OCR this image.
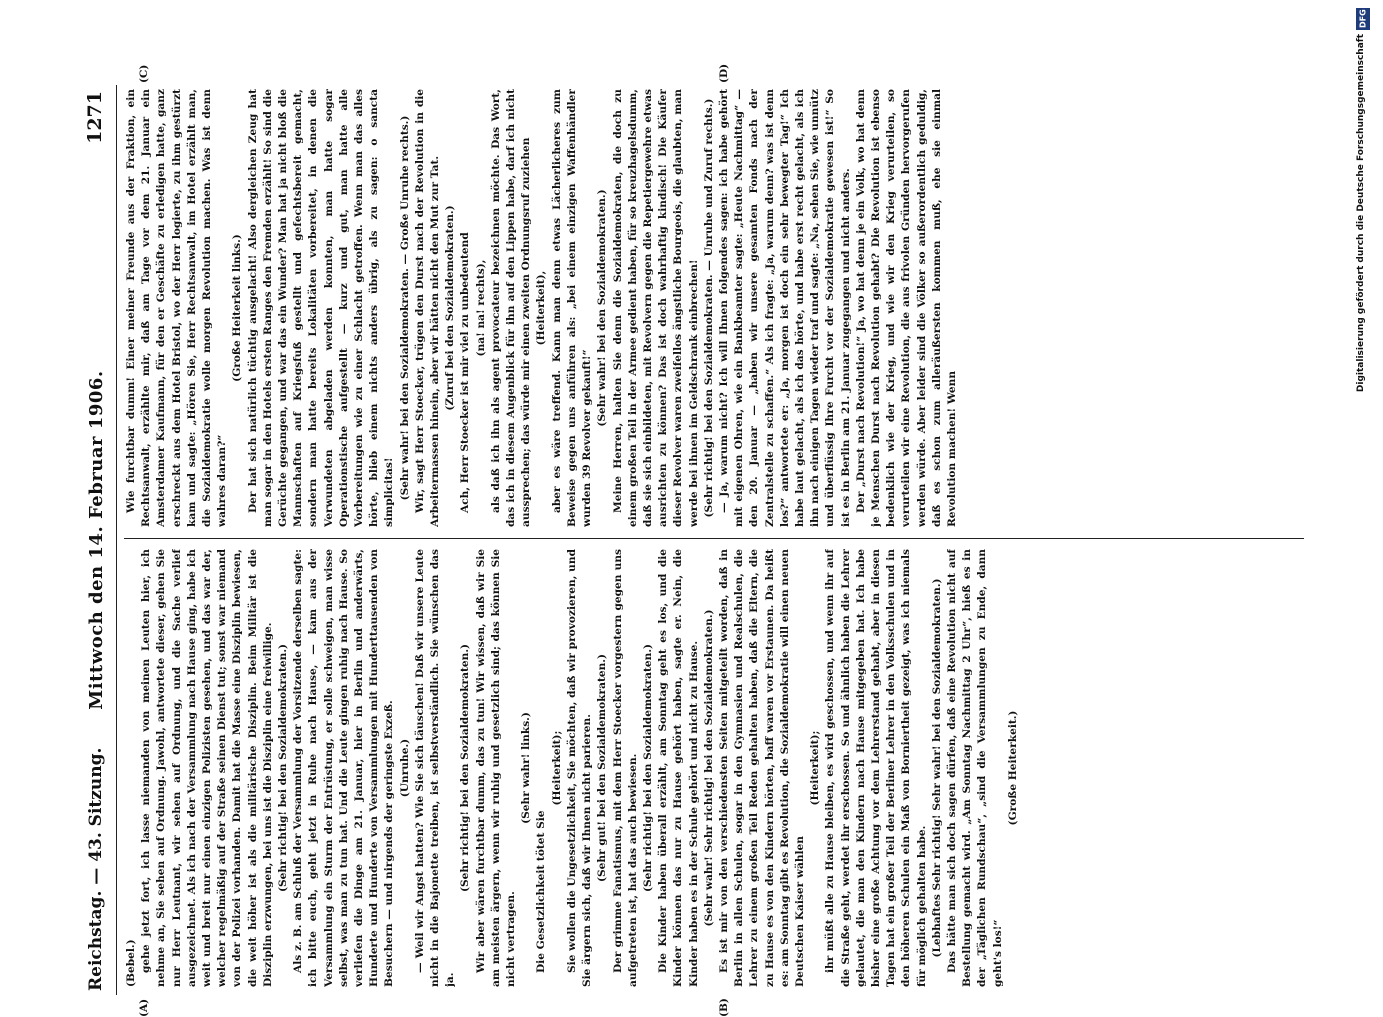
Reichstag. — 43. Sitzung.
Mittwoch den 14. Februar 1906.
1271

(Bebel.) gehe jetzt fort, ich lasse niemanden von meinen Leuten hier, ich nehme an, Sie sehen auf Ordnung. Jawohl, antwortete dieser, gehen Sie nur Herr Leutnant, wir sehen auf Ordnung, und die Sache verlief ausgezeichnet. Als ich nach der Versammlung nach Hause ging, habe ich weit und breit nur einen einzigen Polizisten gesehen, und das war der, welcher regelmäßig auf der Straße seinen Dienst tut; sonst war niemand von der Polizei vorhanden. Damit hat die Masse eine Disziplin bewiesen, die weit höher ist als die militärische Disziplin. Beim Militär ist die Disziplin erzwungen, bei uns ist die Disziplin eine freiwillige. (Sehr richtig! bei den Sozialdemokraten.) Als z. B. am Schluß der Versammlung der Vorsitzende derselben sagte: ich bitte euch, geht jetzt in Ruhe nach Hause, — kam aus der Versammlung ein Sturm der Entrüstung, er solle schweigen, man wisse selbst, was man zu tun hat. Und die Leute gingen ruhig nach Hause. So verliefen die Dinge am 21. Januar, hier in Berlin und anderwärts, Hunderte und Hunderte von Versammlungen mit Hunderttausenden von Besuchern — und nirgends der geringste Exzeß. (Unruhe.) — Weil wir Angst hatten? Wie Sie sich täuschen! Daß wir unsere Leute nicht in die Bajonette treiben, ist selbstverständlich. Sie wünschen das ja.

(Sehr richtig! bei den Sozialdemokraten.) Wir aber wären furchtbar dumm, das zu tun! Wir wissen, daß wir Sie am meisten ärgern, wenn wir ruhig und gesetzlich sind; das können Sie nicht vertragen.

(Sehr wahr! links.)

Die Gesetzlichkeit tötet Sie

(Heiterkeit); Sie wollen die Ungesetzlichkeit, Sie möchten, daß wir provozieren, und Sie ärgern sich, daß wir Ihnen nicht parieren. (Sehr gut! bei den Sozialdemokraten.) Der grimme Fanatismus, mit dem Herr Stoecker vorgestern gegen uns aufgetreten ist, hat das auch bewiesen. (Sehr richtig! bei den Sozialdemokraten.) Die Kinder haben überall erzählt, am Sonntag geht es los, und die Kinder können das nur zu Hause gehört haben, sagte er. Nein, die Kinder haben es in der Schule gehört und nicht zu Hause. (Sehr wahr! Sehr richtig! bei den Sozialdemokraten.) Es ist mir von den verschiedensten Seiten mitgeteilt worden, daß in Berlin in allen Schulen, sogar in den Gymnasien und Realschulen, die Lehrer zu einem großen Teil Reden gehalten haben, daß die Eltern, die zu Hause es von den Kindern hörten, baff waren vor Erstaunen. Da heißt es: am Sonntag gibt es Revolution, die Sozialdemokratie will einen neuen Deutschen Kaiser wählen

(Heiterkeit); ihr müßt alle zu Hause bleiben, es wird geschossen, und wenn ihr auf die Straße geht, werdet ihr erschossen. So und ähnlich haben die Lehrer gelautet, die man den Kindern nach Hause mitgegeben hat. Ich habe bisher eine große Achtung vor dem Lehrerstand gehabt, aber in diesen Tagen hat ein großer Teil der Berliner Lehrer in den Volksschulen und in den höheren Schulen ein Maß von Borniertheit gezeigt, was ich niemals für möglich gehalten habe. (Lebhaftes Sehr richtig! Sehr wahr! bei den Sozialdemokraten.) Das hätte man sich doch sagen dürfen, daß eine Revolution nicht auf Bestellung gemacht wird. „Am Sonntag Nachmittag 2 Uhr“, hieß es in der „Täglichen Rundschau“, „sind die Versammlungen zu Ende, dann geht's los!“

(Große Heiterkeit.)

Wie furchtbar dumm! Einer meiner Freunde aus der Fraktion, ein Rechtsanwalt, erzählte mir, daß am Tage vor dem 21. Januar ein Amsterdamer Kaufmann, für den er Geschäfte zu erledigen hatte, ganz erschreckt aus dem Hotel Bristol, wo der Herr logierte, zu ihm gestürzt kam und sagte: „Hören Sie, Herr Rechtsanwalt, im Hotel erzählt man, die Sozialdemokratie wolle morgen Revolution machen. Was ist denn wahres daran?“

(Große Heiterkeit links.) Der hat sich natürlich tüchtig ausgelacht! Also dergleichen Zeug hat man sogar in den Hotels ersten Ranges den Fremden erzählt! So sind die Gerüchte gegangen, und war das ein Wunder? Man hat ja nicht bloß die Mannschaften auf Kriegsfuß gestellt und gefechtsbereit gemacht, sondern man hatte bereits Lokalitäten vorbereitet, in denen die Verwundeten abgeladen werden konnten, man hatte sogar Operationstische aufgestellt — kurz und gut, man hatte alle Vorbereitungen wie zu einer Schlacht getroffen. Wenn man das alles hörte, blieb einem nichts anders übrig, als zu sagen: o sancta simplicitas! (Sehr wahr! bei den Sozialdemokraten. — Große Unruhe rechts.) Wir, sagt Herr Stoecker, trügen den Durst nach der Revolution in die Arbeitermassen hinein, aber wir hätten nicht den Mut zur Tat. (Zuruf bei den Sozialdemokraten.) Ach, Herr Stoecker ist mir viel zu unbedeutend (na! na! rechts), als daß ich ihn als agent provocateur bezeichnen möchte. Das Wort, das ich in diesem Augenblick für ihn auf den Lippen habe, darf ich nicht aussprechen; das würde mir einen zweiten Ordnungsruf zuziehen (Heiterkeit), aber es wäre treffend. Kann man denn etwas Lächerlicheres zum Beweise gegen uns anführen als: „bei einem einzigen Waffenhändler wurden 39 Revolver gekauft!“

(Sehr wahr! bei den Sozialdemokraten.) Meine Herren, halten Sie denn die Sozialdemokraten, die doch zu einem großen Teil in der Armee gedient haben, für so kreuzhagelsdumm, daß sie sich einbildeten, mit Revolvern gegen die Repetiergewehre etwas ausrichten zu können? Das ist doch wahrhaftig kindisch! Die Käufer dieser Revolver waren zweifellos ängstliche Bourgeois, die glaubten, man werde bei ihnen im Geldschrank einbrechen! (Sehr richtig! bei den Sozialdemokraten. — Unruhe und Zuruf rechts.) — Ja, warum nicht? Ich will Ihnen folgendes sagen: ich habe gehört mit eigenen Ohren, wie ein Bankbeamter sagte: „Heute Nachmittag“ — den 20. Januar — „haben wir unsere gesamten Fonds nach der Zentralstelle zu schaffen.“ Als ich fragte: „Ja, warum denn? was ist denn los?“ antwortete er: „Ja, morgen ist doch ein sehr bewegter Tag!“ Ich habe laut gelacht, als ich das hörte, und habe erst recht gelacht, als ich ihn nach einigen Tagen wieder traf und sagte: „Na, sehen Sie, wie unnütz und überflüssig Ihre Furcht vor der Sozialdemokratie gewesen ist!“ So ist es in Berlin am 21. Januar zugegangen und nicht anders. Der „Durst nach Revolution!“ Ja, wo hat denn je ein Volk, wo hat denn je Menschen Durst nach Revolution gehabt? Die Revolution ist ebenso bedenklich wie der Krieg, und wie wir den Krieg verurteilen, so verurteilen wir eine Revolution, die aus frivolen Gründen hervorgerufen werden würde. Aber leider sind die Völker so außerordentlich geduldig, daß es schon zum alleräußersten kommen muß, ehe sie einmal Revolution machen! Wenn

(A)	(B)
(C)	(D)
DFG
Digitalisierung gefördert durch die Deutsche Forschungsgemeinschaft
